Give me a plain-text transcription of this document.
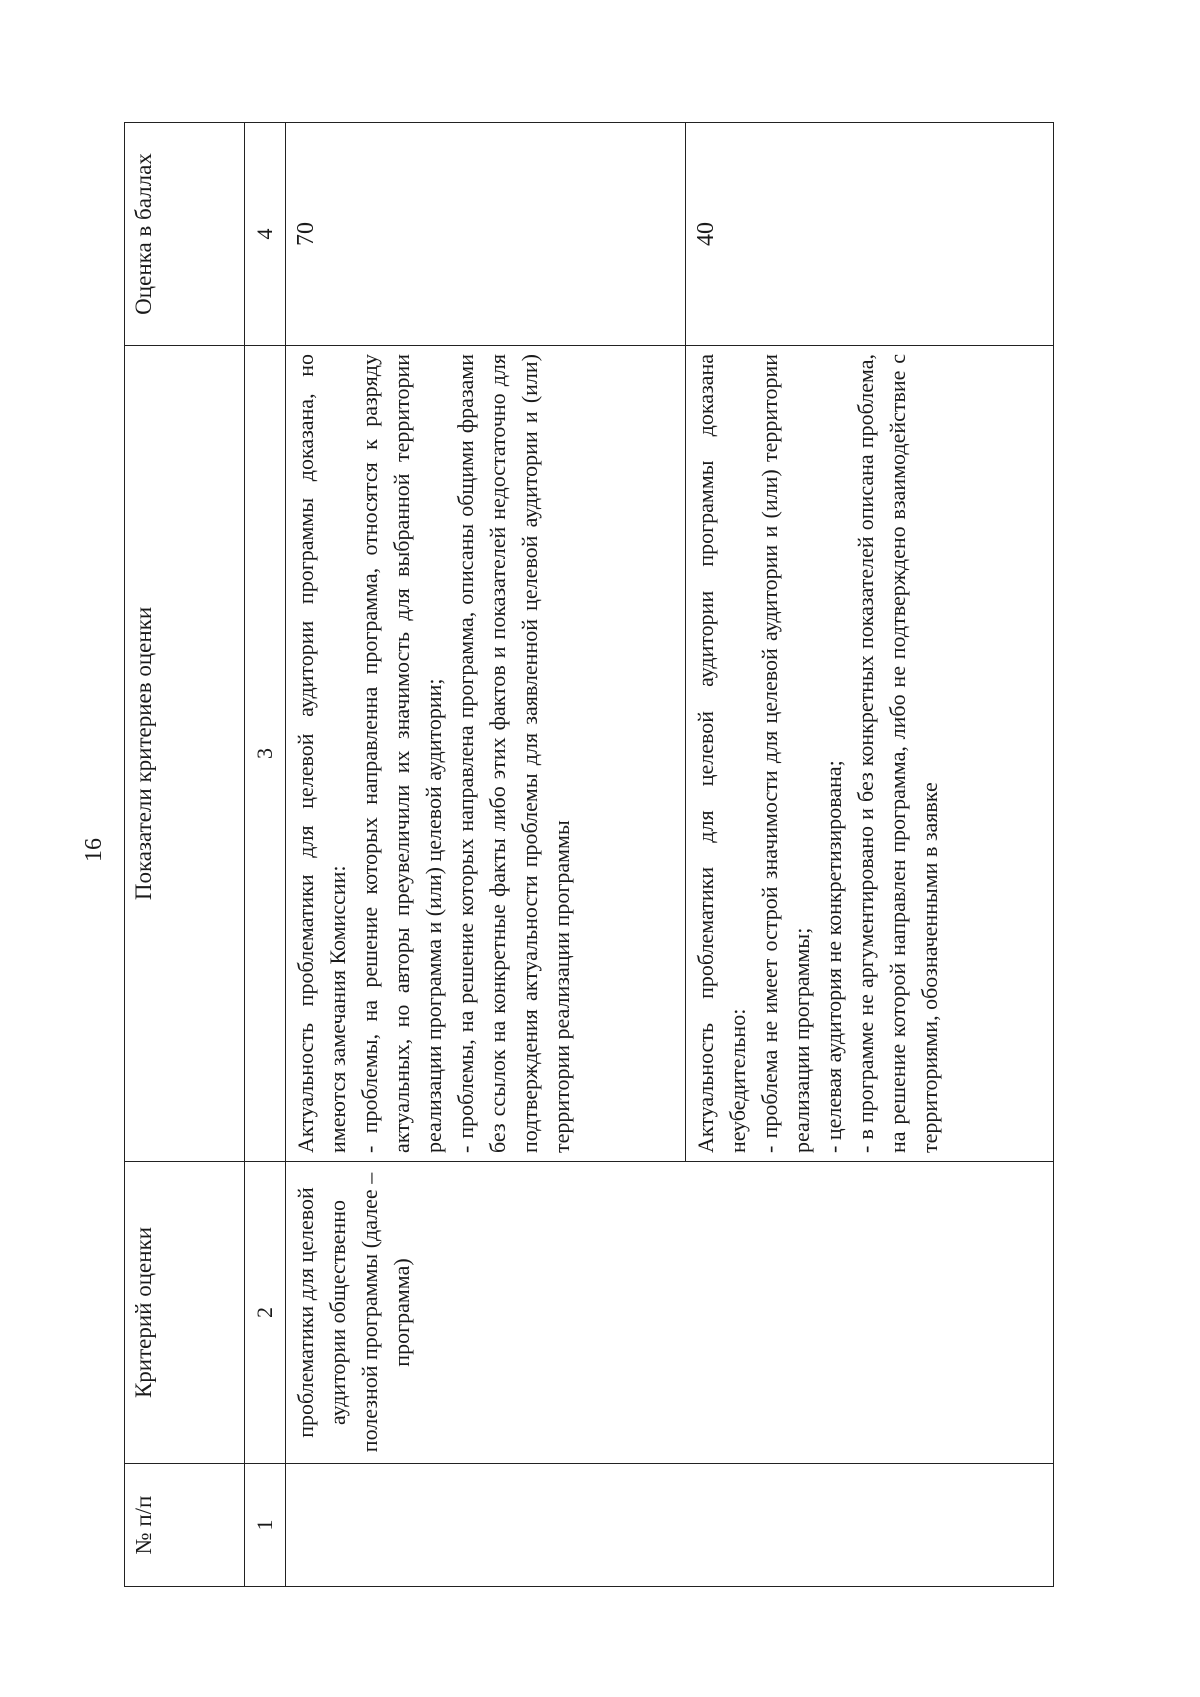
16
№ п/п	Критерий оценки	Показатели критериев оценки	Оценка в баллах
1	2	3	4
	проблематики для целевой аудитории общественно полезной программы (далее – программа)	Актуальность проблематики для целевой аудитории программы доказана, но имеются замечания Комиссии: - проблемы, на решение которых направленна программа, относятся к разряду актуальных, но авторы преувеличили их значимость для выбранной территории реализации программа и (или) целевой аудитории; - проблемы, на решение которых направлена программа, описаны общими фразами без ссылок на конкретные факты либо этих фактов и показателей недостаточно для подтверждения актуальности проблемы для заявленной целевой аудитории и (или) территории реализации программы	70

		Актуальность проблематики для целевой аудитории программы доказана неубедительно: - проблема не имеет острой значимости для целевой аудитории и (или) территории реализации программы; - целевая аудитория не конкретизирована; - в программе не аргументировано и без конкретных показателей описана проблема, на решение которой направлен программа, либо не подтверждено взаимодействие с территориями, обозначенными в заявке	40
